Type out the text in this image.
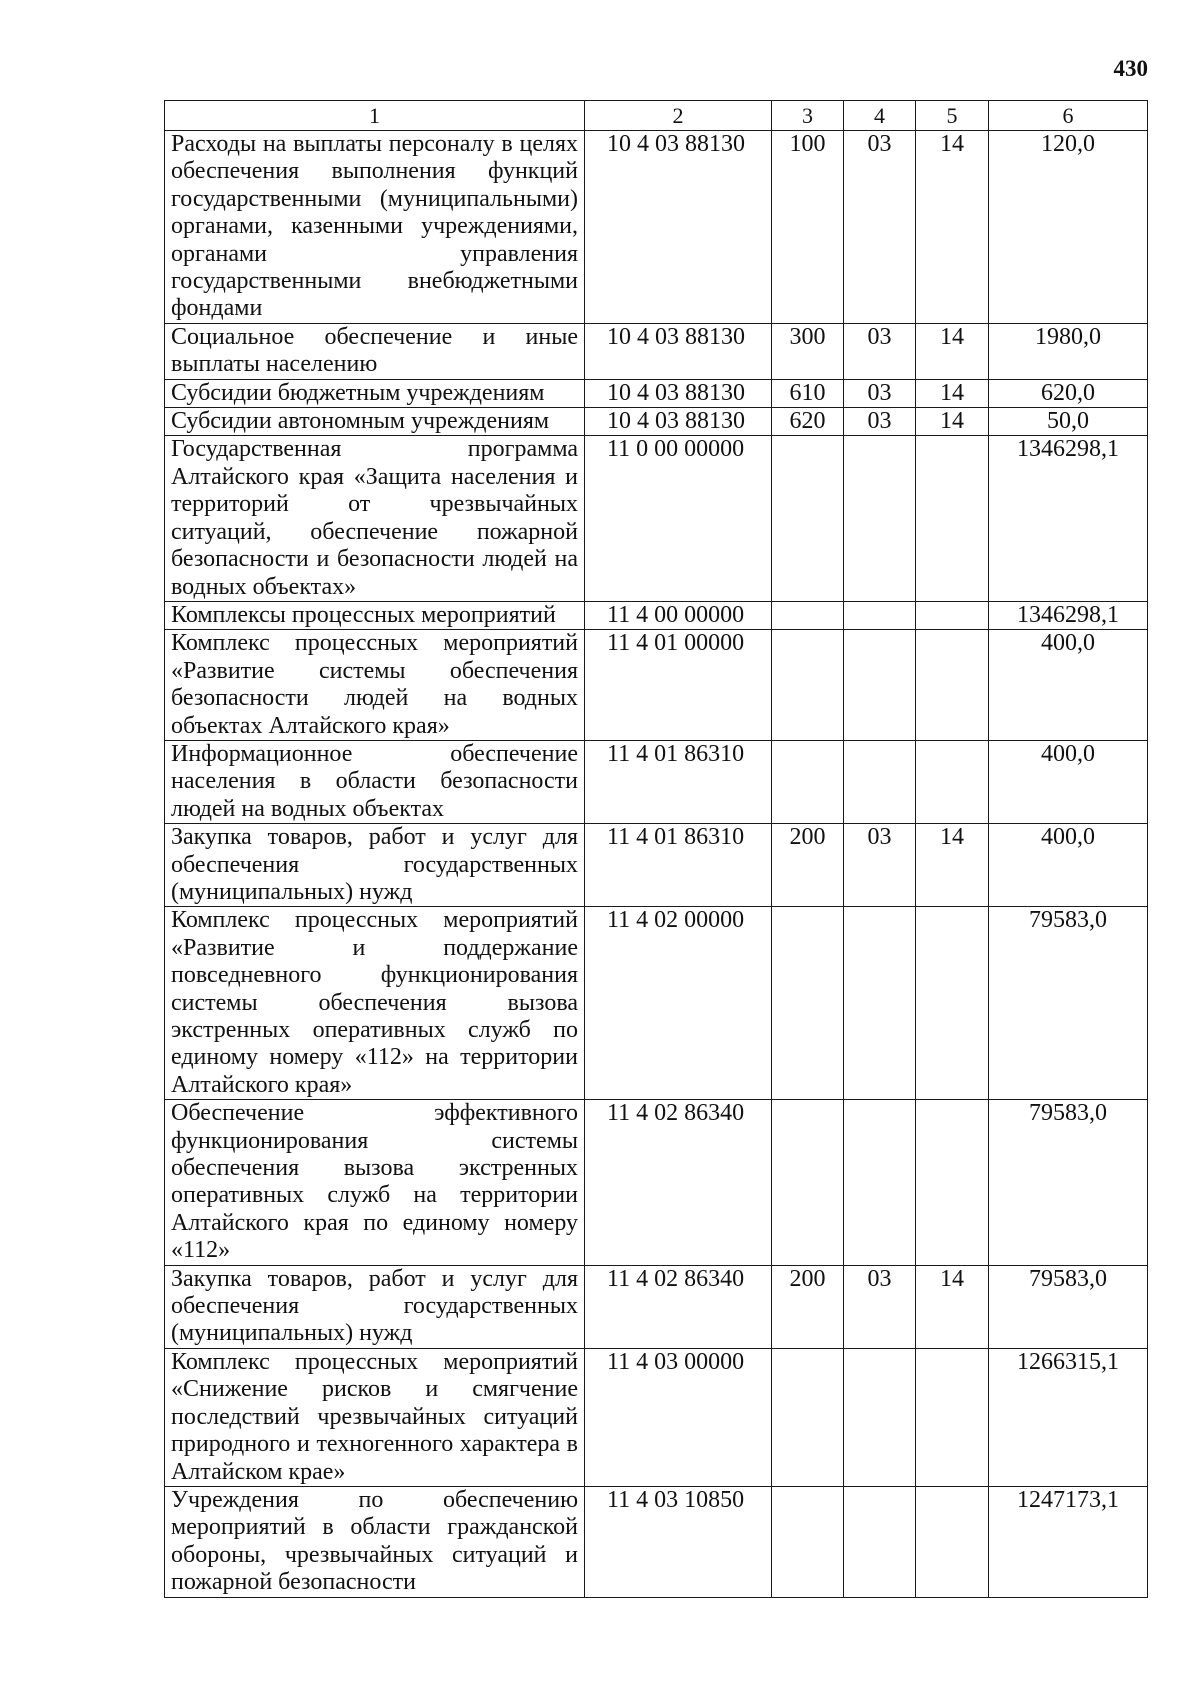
430
1	2	3	4	5	6
Расходы на выплаты персоналу в целях обеспечения выполнения функций государственными (муниципальными) органами, казенными учреждениями, органами управления государственными внебюджетными фондами	10 4 03 88130	100	03	14	120,0
Социальное обеспечение и иные выплаты населению	10 4 03 88130	300	03	14	1980,0
Субсидии бюджетным учреждениям	10 4 03 88130	610	03	14	620,0
Субсидии автономным учреждениям	10 4 03 88130	620	03	14	50,0
Государственная программа Алтайского края «Защита населения и территорий от чрезвычайных ситуаций, обеспечение пожарной безопасности и безопасности людей на водных объектах»	11 0 00 00000				1346298,1
Комплексы процессных мероприятий	11 4 00 00000				1346298,1
Комплекс процессных мероприятий «Развитие системы обеспечения безопасности людей на водных объектах Алтайского края»	11 4 01 00000				400,0
Информационное обеспечение населения в области безопасности людей на водных объектах	11 4 01 86310				400,0
Закупка товаров, работ и услуг для обеспечения государственных (муниципальных) нужд	11 4 01 86310	200	03	14	400,0
Комплекс процессных мероприятий «Развитие и поддержание повседневного функционирования системы обеспечения вызова экстренных оперативных служб по единому номеру «112» на территории Алтайского края»	11 4 02 00000				79583,0
Обеспечение эффективного функционирования системы обеспечения вызова экстренных оперативных служб на территории Алтайского края по единому номеру «112»	11 4 02 86340				79583,0
Закупка товаров, работ и услуг для обеспечения государственных (муниципальных) нужд	11 4 02 86340	200	03	14	79583,0
Комплекс процессных мероприятий «Снижение рисков и смягчение последствий чрезвычайных ситуаций природного и техногенного характера в Алтайском крае»	11 4 03 00000				1266315,1
Учреждения по обеспечению мероприятий в области гражданской обороны, чрезвычайных ситуаций и пожарной безопасности	11 4 03 10850				1247173,1
